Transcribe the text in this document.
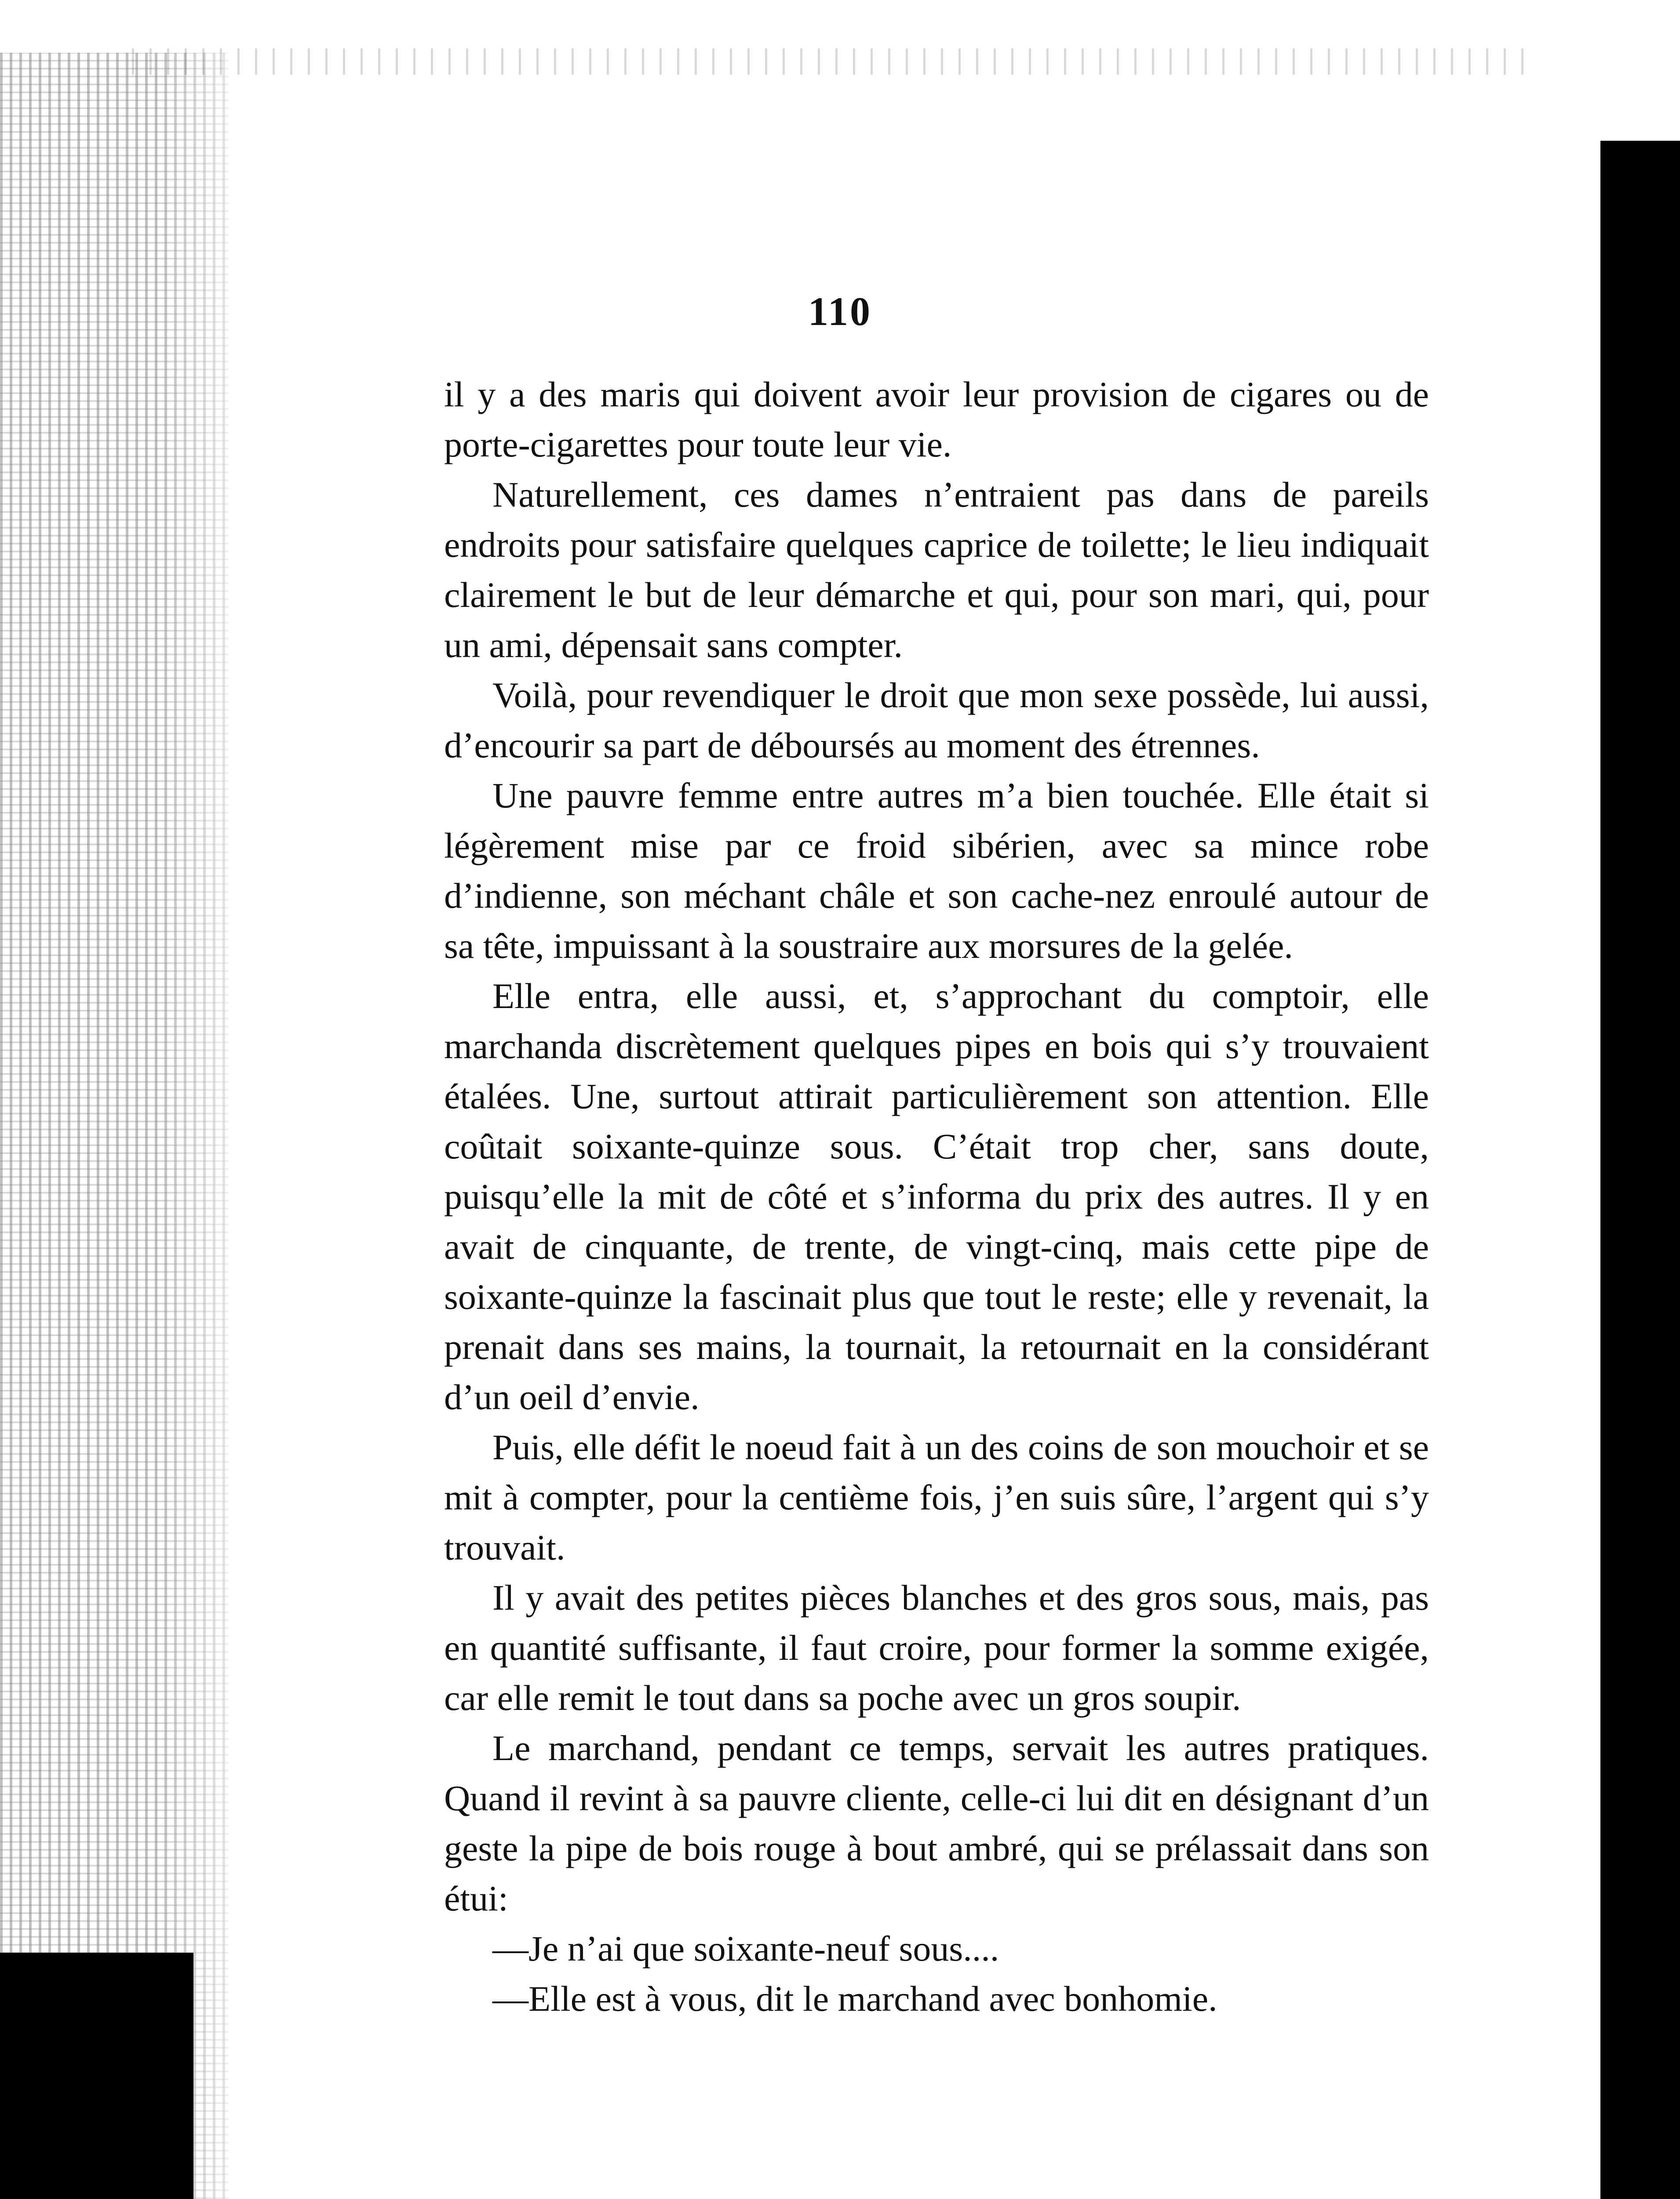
110

il y a des maris qui doivent avoir leur provision de cigares ou de porte-cigarettes pour toute leur vie.

Naturellement, ces dames n’entraient pas dans de pareils endroits pour satisfaire quelques caprice de toilette; le lieu indiquait clairement le but de leur démarche et qui, pour son mari, qui, pour un ami, dépensait sans compter.

Voilà, pour revendiquer le droit que mon sexe possède, lui aussi, d’encourir sa part de déboursés au moment des étrennes.

Une pauvre femme entre autres m’a bien touchée. Elle était si légèrement mise par ce froid sibérien, avec sa mince robe d’indienne, son méchant châle et son cache-nez enroulé autour de sa tête, impuissant à la soustraire aux morsures de la gelée.

Elle entra, elle aussi, et, s’approchant du comptoir, elle marchanda discrètement quelques pipes en bois qui s’y trouvaient étalées. Une, surtout attirait particulièrement son attention. Elle coûtait soixante-quinze sous. C’était trop cher, sans doute, puisqu’elle la mit de côté et s’informa du prix des autres. Il y en avait de cinquante, de trente, de vingt-cinq, mais cette pipe de soixante-quinze la fascinait plus que tout le reste; elle y revenait, la prenait dans ses mains, la tournait, la retournait en la considérant d’un oeil d’envie.

Puis, elle défit le noeud fait à un des coins de son mouchoir et se mit à compter, pour la centième fois, j’en suis sûre, l’argent qui s’y trouvait.

Il y avait des petites pièces blanches et des gros sous, mais, pas en quantité suffisante, il faut croire, pour former la somme exigée, car elle remit le tout dans sa poche avec un gros soupir.

Le marchand, pendant ce temps, servait les autres pratiques. Quand il revint à sa pauvre cliente, celle-ci lui dit en désignant d’un geste la pipe de bois rouge à bout ambré, qui se prélassait dans son étui:

—Je n’ai que soixante-neuf sous....

—Elle est à vous, dit le marchand avec bonhomie.
